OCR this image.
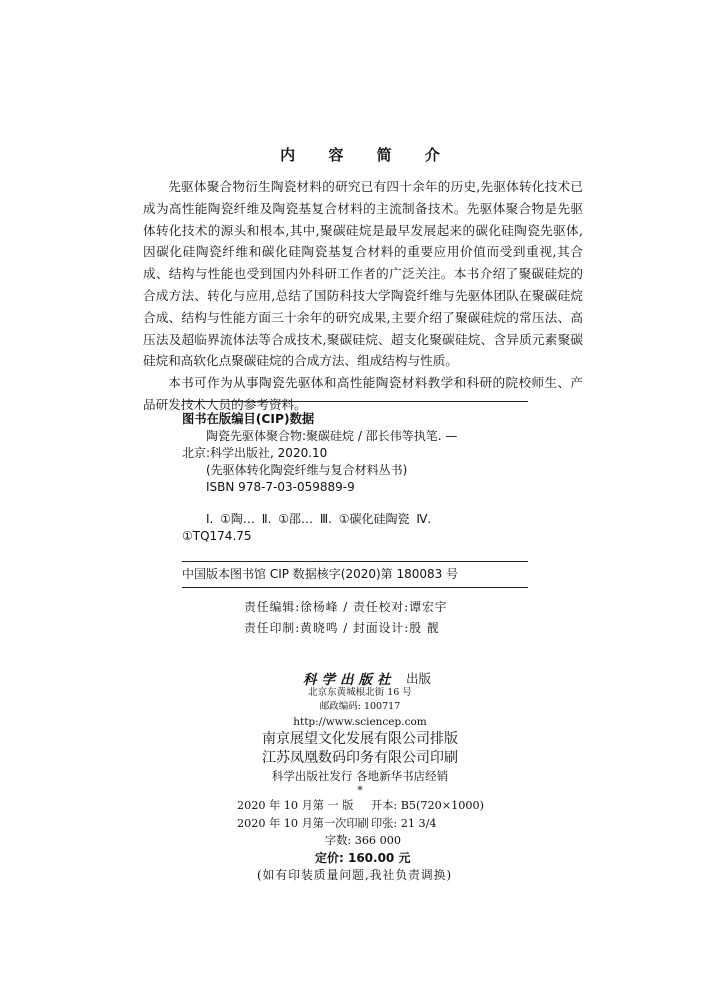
内 容 简 介

先驱体聚合物衍生陶瓷材料的研究已有四十余年的历史,先驱体转化技术已成为高性能陶瓷纤维及陶瓷基复合材料的主流制备技术。先驱体聚合物是先驱体转化技术的源头和根本,其中,聚碳硅烷是最早发展起来的碳化硅陶瓷先驱体,因碳化硅陶瓷纤维和碳化硅陶瓷基复合材料的重要应用价值而受到重视,其合成、结构与性能也受到国内外科研工作者的广泛关注。本书介绍了聚碳硅烷的合成方法、转化与应用,总结了国防科技大学陶瓷纤维与先驱体团队在聚碳硅烷合成、结构与性能方面三十余年的研究成果,主要介绍了聚碳硅烷的常压法、高压法及超临界流体法等合成技术,聚碳硅烷、超支化聚碳硅烷、含异质元素聚碳硅烷和高软化点聚碳硅烷的合成方法、组成结构与性质。

本书可作为从事陶瓷先驱体和高性能陶瓷材料教学和科研的院校师生、产品研发技术人员的参考资料。

图书在版编目(CIP)数据
陶瓷先驱体聚合物:聚碳硅烷 / 邵长伟等执笔. —
北京:科学出版社, 2020.10
(先驱体转化陶瓷纤维与复合材料丛书)
ISBN 978-7-03-059889-9
Ⅰ. ①陶… Ⅱ. ①邵… Ⅲ. ①碳化硅陶瓷 Ⅳ.
①TQ174.75
中国版本图书馆 CIP 数据核字(2020)第 180083 号
责任编辑:徐杨峰 / 责任校对:谭宏宇
责任印制:黄晓鸣 / 封面设计:殷 靓
科学出版社 出版
北京东黄城根北街 16 号
邮政编码: 100717
http://www.sciencep.com
南京展望文化发展有限公司排版
江苏凤凰数码印务有限公司印刷
科学出版社发行 各地新华书店经销
*
2020 年 10 月第 一 版 开本: B5(720×1000)
2020 年 10 月第一次印刷 印张: 21 3/4
字数: 366 000
定价: 160.00 元
(如有印装质量问题,我社负责调换)
